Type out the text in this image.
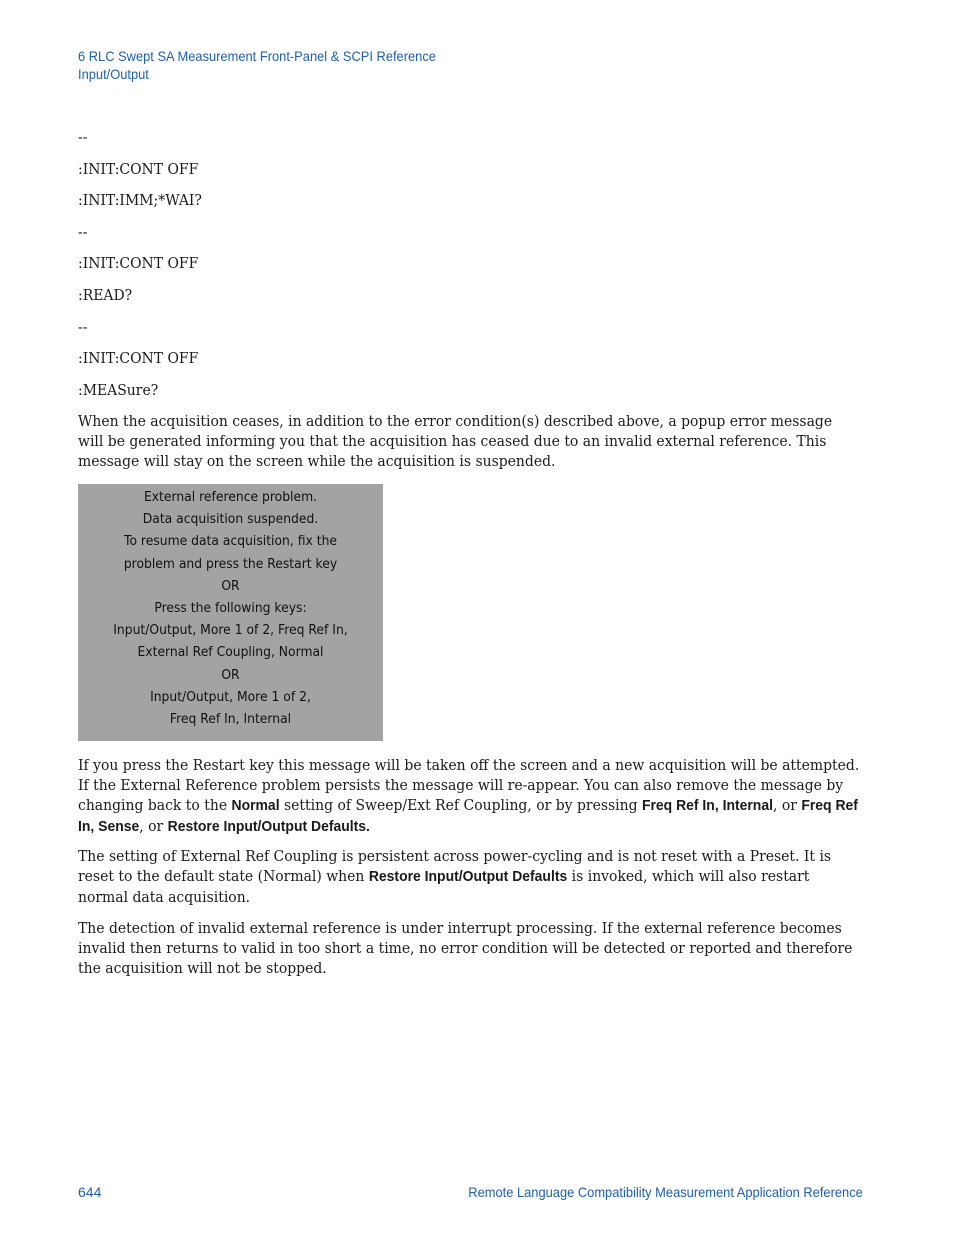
6 RLC Swept SA Measurement Front-Panel & SCPI Reference
Input/Output
--
:INIT:CONT OFF
:INIT:IMM;*WAI?
--
:INIT:CONT OFF
:READ?
--
:INIT:CONT OFF
:MEASure?

When the acquisition ceases, in addition to the error condition(s) described above, a popup error message will be generated informing you that the acquisition has ceased due to an invalid external reference. This message will stay on the screen while the acquisition is suspended.

External reference problem.
Data acquisition suspended.
To resume data acquisition, fix the
problem and press the Restart key
OR
Press the following keys:
Input/Output, More 1 of 2, Freq Ref In,
External Ref Coupling, Normal
OR
Input/Output, More 1 of 2,
Freq Ref In, Internal

If you press the Restart key this message will be taken off the screen and a new acquisition will be attempted. If the External Reference problem persists the message will re-appear. You can also remove the message by changing back to the Normal setting of Sweep/Ext Ref Coupling, or by pressing Freq Ref In, Internal, or Freq Ref In, Sense, or Restore Input/Output Defaults.

The setting of External Ref Coupling is persistent across power-cycling and is not reset with a Preset. It is reset to the default state (Normal) when Restore Input/Output Defaults is invoked, which will also restart normal data acquisition.

The detection of invalid external reference is under interrupt processing. If the external reference becomes invalid then returns to valid in too short a time, no error condition will be detected or reported and therefore the acquisition will not be stopped.

644	Remote Language Compatibility Measurement Application Reference
